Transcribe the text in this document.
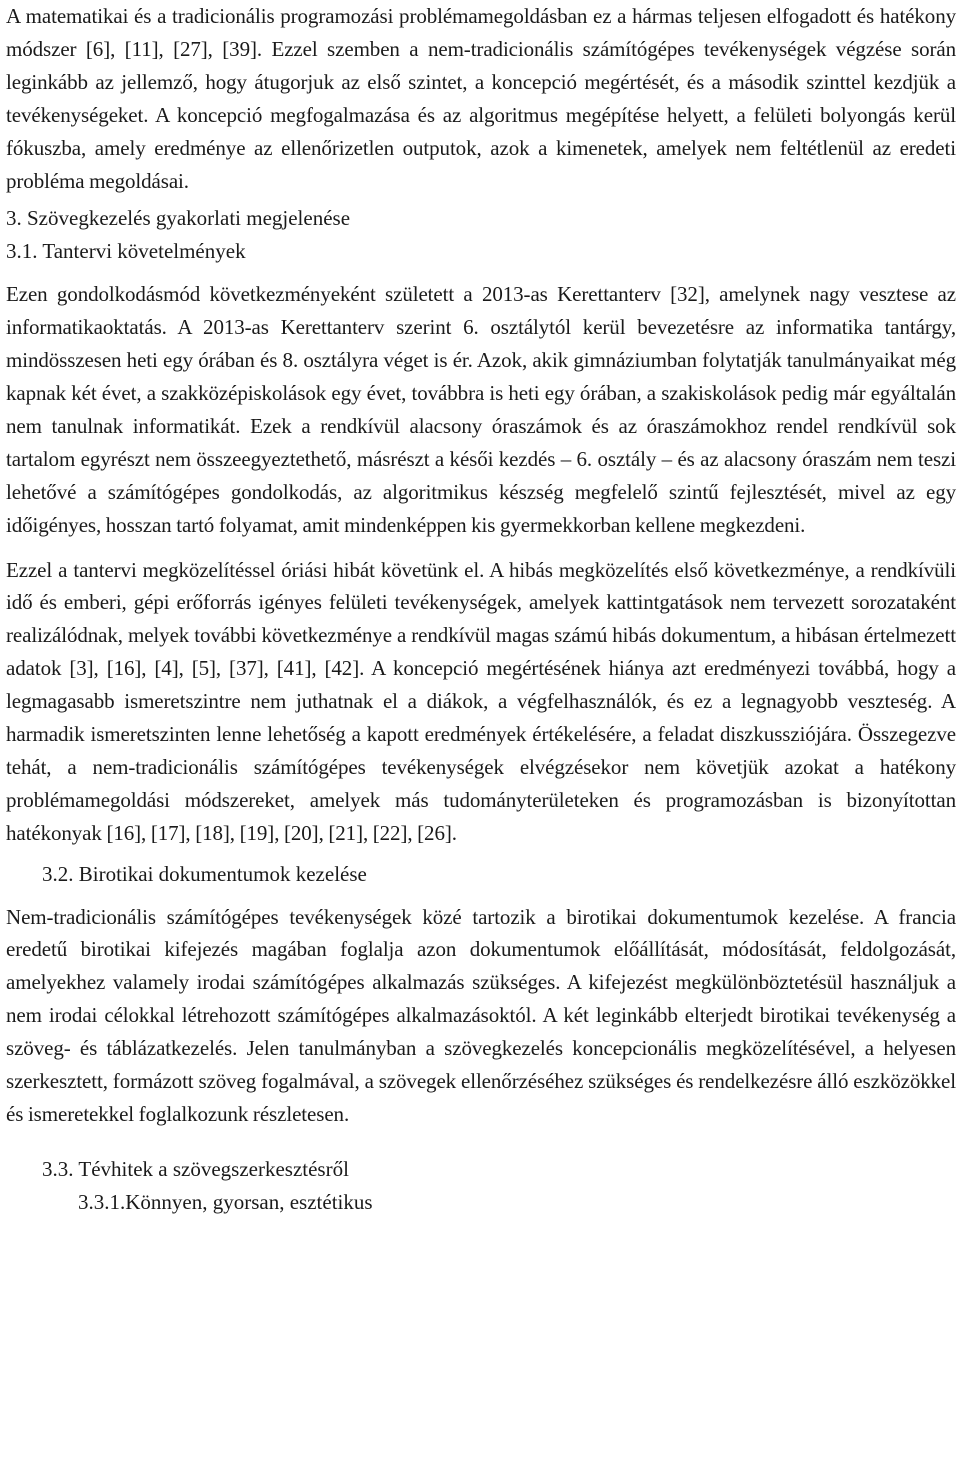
A matematikai és a tradicionális programozási problémamegoldásban ez a hármas teljesen elfogadott és hatékony módszer [6], [11], [27], [39]. Ezzel szemben a nem-tradicionális számítógépes tevékenységek végzése során leginkább az jellemző, hogy átugorjuk az első szintet, a koncepció megértését, és a második szinttel kezdjük a tevékenységeket. A koncepció megfogalmazása és az algoritmus megépítése helyett, a felületi bolyongás kerül fókuszba, amely eredménye az ellenőrizetlen outputok, azok a kimenetek, amelyek nem feltétlenül az eredeti probléma megoldásai.

3. Szövegkezelés gyakorlati megjelenése

3.1. Tantervi követelmények

Ezen gondolkodásmód következményeként született a 2013-as Kerettanterv [32], amelynek nagy vesztese az informatikaoktatás. A 2013-as Kerettanterv szerint 6. osztálytól kerül bevezetésre az informatika tantárgy, mindösszesen heti egy órában és 8. osztályra véget is ér. Azok, akik gimnáziumban folytatják tanulmányaikat még kapnak két évet, a szakközépiskolások egy évet, továbbra is heti egy órában, a szakiskolások pedig már egyáltalán nem tanulnak informatikát. Ezek a rendkívül alacsony óraszámok és az óraszámokhoz rendel rendkívül sok tartalom egyrészt nem összeegyeztethető, másrészt a késői kezdés – 6. osztály – és az alacsony óraszám nem teszi lehetővé a számítógépes gondolkodás, az algoritmikus készség megfelelő szintű fejlesztését, mivel az egy időigényes, hosszan tartó folyamat, amit mindenképpen kis gyermekkorban kellene megkezdeni.

Ezzel a tantervi megközelítéssel óriási hibát követünk el. A hibás megközelítés első következménye, a rendkívüli idő és emberi, gépi erőforrás igényes felületi tevékenységek, amelyek kattintgatások nem tervezett sorozataként realizálódnak, melyek további következménye a rendkívül magas számú hibás dokumentum, a hibásan értelmezett adatok [3], [16], [4], [5], [37], [41], [42]. A koncepció megértésének hiánya azt eredményezi továbbá, hogy a legmagasabb ismeretszintre nem juthatnak el a diákok, a végfelhasználók, és ez a legnagyobb veszteség. A harmadik ismeretszinten lenne lehetőség a kapott eredmények értékelésére, a feladat diszkussziójára. Összegezve tehát, a nem-tradicionális számítógépes tevékenységek elvégzésekor nem követjük azokat a hatékony problémamegoldási módszereket, amelyek más tudományterületeken és programozásban is bizonyítottan hatékonyak [16], [17], [18], [19], [20], [21], [22], [26].

3.2. Birotikai dokumentumok kezelése

Nem-tradicionális számítógépes tevékenységek közé tartozik a birotikai dokumentumok kezelése. A francia eredetű birotikai kifejezés magában foglalja azon dokumentumok előállítását, módosítását, feldolgozását, amelyekhez valamely irodai számítógépes alkalmazás szükséges. A kifejezést megkülönböztetésül használjuk a nem irodai célokkal létrehozott számítógépes alkalmazásoktól. A két leginkább elterjedt birotikai tevékenység a szöveg- és táblázatkezelés. Jelen tanulmányban a szövegkezelés koncepcionális megközelítésével, a helyesen szerkesztett, formázott szöveg fogalmával, a szövegek ellenőrzéséhez szükséges és rendelkezésre álló eszközökkel és ismeretekkel foglalkozunk részletesen.

3.3. Tévhitek a szövegszerkesztésről

3.3.1.Könnyen, gyorsan, esztétikus
